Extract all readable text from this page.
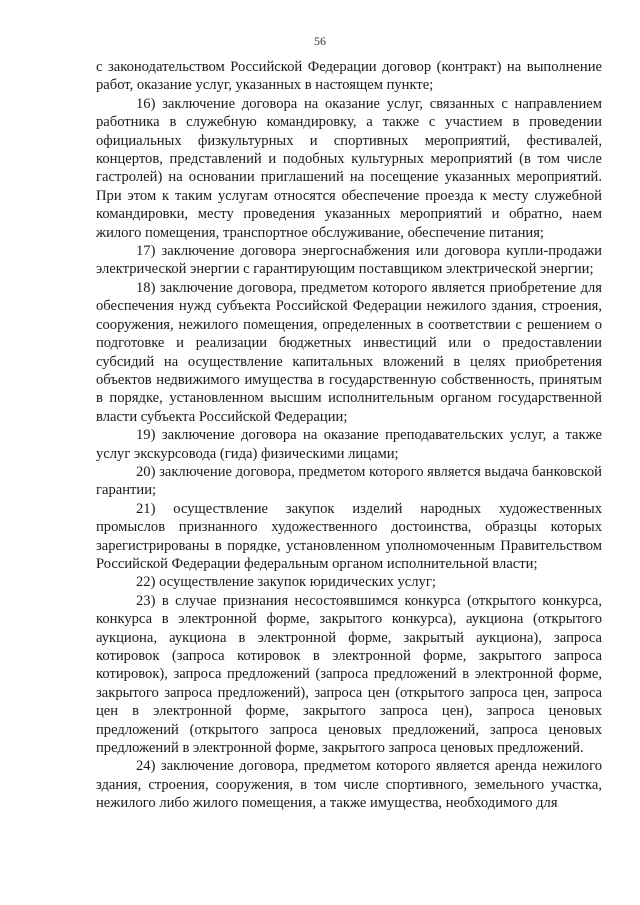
56

с законодательством Российской Федерации договор (контракт) на выполнение работ, оказание услуг, указанных в настоящем пункте;

16) заключение договора на оказание услуг, связанных с направлением работника в служебную командировку, а также с участием в проведении официальных физкультурных и спортивных мероприятий, фестивалей, концертов, представлений и подобных культурных мероприятий (в том числе гастролей) на основании приглашений на посещение указанных мероприятий. При этом к таким услугам относятся обеспечение проезда к месту служебной командировки, месту проведения указанных мероприятий и обратно, наем жилого помещения, транспортное обслуживание, обеспечение питания;

17) заключение договора энергоснабжения или договора купли-продажи электрической энергии с гарантирующим поставщиком электрической энергии;

18) заключение договора, предметом которого является приобретение для обеспечения нужд субъекта Российской Федерации нежилого здания, строения, сооружения, нежилого помещения, определенных в соответствии с решением о подготовке и реализации бюджетных инвестиций или о предоставлении субсидий на осуществление капитальных вложений в целях приобретения объектов недвижимого имущества в государственную собственность, принятым в порядке, установленном высшим исполнительным органом государственной власти субъекта Российской Федерации;

19) заключение договора на оказание преподавательских услуг, а также услуг экскурсовода (гида) физическими лицами;

20) заключение договора, предметом которого является выдача банковской гарантии;

21) осуществление закупок изделий народных художественных промыслов признанного художественного достоинства, образцы которых зарегистрированы в порядке, установленном уполномоченным Правительством Российской Федерации федеральным органом исполнительной власти;

22) осуществление закупок юридических услуг;

23) в случае признания несостоявшимся конкурса (открытого конкурса, конкурса в электронной форме, закрытого конкурса), аукциона (открытого аукциона, аукциона в электронной форме, закрытый аукциона), запроса котировок (запроса котировок в электронной форме, закрытого запроса котировок), запроса предложений (запроса предложений в электронной форме, закрытого запроса предложений), запроса цен (открытого запроса цен, запроса цен в электронной форме, закрытого запроса цен), запроса ценовых предложений (открытого запроса ценовых предложений, запроса ценовых предложений в электронной форме, закрытого запроса ценовых предложений.

24) заключение договора, предметом которого является аренда нежилого здания, строения, сооружения, в том числе спортивного, земельного участка, нежилого либо жилого помещения, а также имущества, необходимого для
